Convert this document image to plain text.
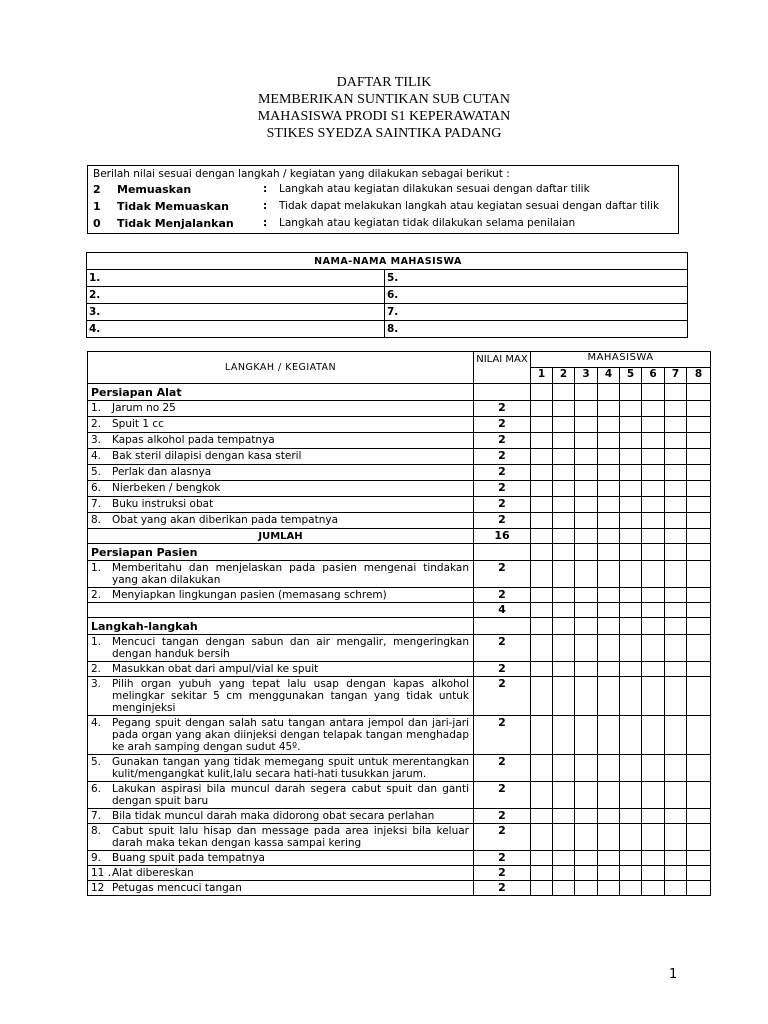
DAFTAR TILIK
MEMBERIKAN SUNTIKAN SUB CUTAN
MAHASISWA PRODI S1 KEPERAWATAN
STIKES SYEDZA SAINTIKA PADANG
Berilah nilai sesuai dengan langkah / kegiatan yang dilakukan sebagai berikut :
2	Memuaskan	:	Langkah atau kegiatan dilakukan sesuai dengan daftar tilik
1	Tidak Memuaskan	:	Tidak dapat melakukan langkah atau kegiatan sesuai dengan daftar tilik
0	Tidak Menjalankan	:	Langkah atau kegiatan tidak dilakukan selama penilaian
NAMA-NAMA MAHASISWA	
1.	5.
2.	6.
3.	7.
4.	8.
LANGKAH / KEGIATAN	NILAI MAX	MAHASISWA							
		1	2	3	4	5	6	7	8
Persiapan Alat									

1. Jarum no 25	2								

2. Spuit 1 cc	2								

3. Kapas alkohol pada tempatnya	2								

4. Bak steril dilapisi dengan kasa steril	2								

5. Perlak dan alasnya	2								

6. Nierbeken / bengkok	2								

7. Buku instruksi obat	2								

8. Obat yang akan diberikan pada tempatnya	2								
JUMLAH	16								
Persiapan Pasien									

1. Memberitahu dan menjelaskan pada pasien mengenai tindakan yang akan dilakukan	2								

2. Menyiapkan lingkungan pasien (memasang schrem)	2								
	4								
Langkah-langkah									

1. Mencuci tangan dengan sabun dan air mengalir, mengeringkan dengan handuk bersih	2								

2. Masukkan obat dari ampul/vial ke spuit	2								

3. Pilih organ yubuh yang tepat lalu usap dengan kapas alkohol melingkar sekitar 5 cm menggunakan tangan yang tidak untuk menginjeksi	2								

4. Pegang spuit dengan salah satu tangan antara jempol dan jari-jari pada organ yang akan diinjeksi dengan telapak tangan menghadap ke arah samping dengan sudut 45º.	2								

5. Gunakan tangan yang tidak memegang spuit untuk merentangkan kulit/mengangkat kulit,lalu secara hati-hati tusukkan jarum.	2								

6. Lakukan aspirasi bila muncul darah segera cabut spuit dan ganti dengan spuit baru	2								

7. Bila tidak muncul darah maka didorong obat secara perlahan	2								

8. Cabut spuit lalu hisap dan message pada area injeksi bila keluar darah maka tekan dengan kassa sampai kering	2								

9. Buang spuit pada tempatnya	2								

11 . Alat dibereskan	2								

12 Petugas mencuci tangan	2								
1
